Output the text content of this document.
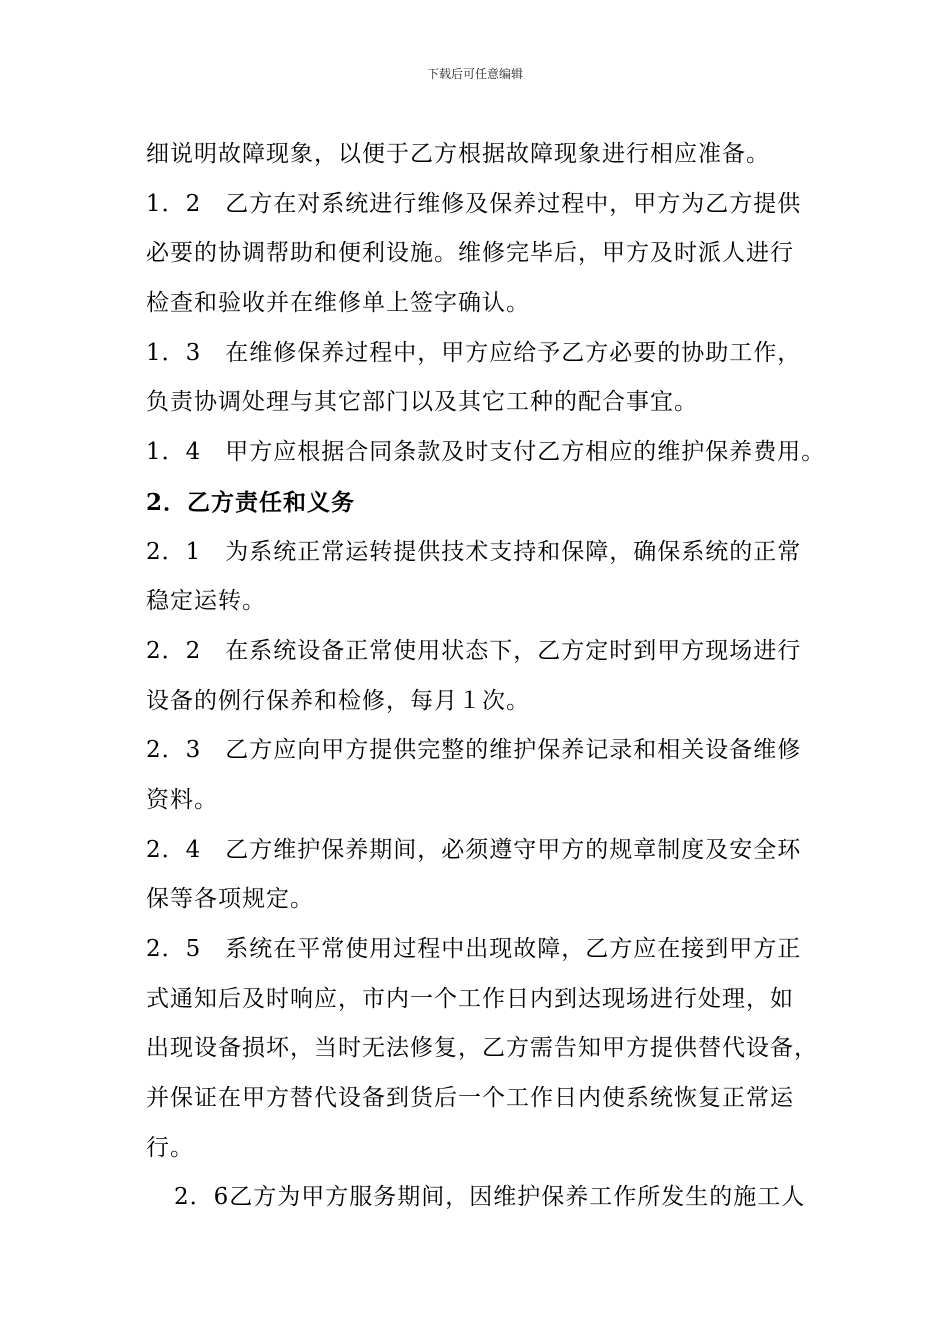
下载后可任意编辑
细说明故障现象，以便于乙方根据故障现象进行相应准备。
1．2　乙方在对系统进行维修及保养过程中，甲方为乙方提供
必要的协调帮助和便利设施。维修完毕后，甲方及时派人进行
检查和验收并在维修单上签字确认。
1．3　在维修保养过程中，甲方应给予乙方必要的协助工作，
负责协调处理与其它部门以及其它工种的配合事宜。
1．4　甲方应根据合同条款及时支付乙方相应的维护保养费用。
2．乙方责任和义务
2．1　为系统正常运转提供技术支持和保障，确保系统的正常
稳定运转。
2．2　在系统设备正常使用状态下，乙方定时到甲方现场进行
设备的例行保养和检修，每月１次。
2．3　乙方应向甲方提供完整的维护保养记录和相关设备维修
资料。
2．4　乙方维护保养期间，必须遵守甲方的规章制度及安全环
保等各项规定。
2．5　系统在平常使用过程中出现故障，乙方应在接到甲方正
式通知后及时响应，市内一个工作日内到达现场进行处理，如
出现设备损坏，当时无法修复，乙方需告知甲方提供替代设备，
并保证在甲方替代设备到货后一个工作日内使系统恢复正常运
行。
2．6乙方为甲方服务期间，因维护保养工作所发生的施工人
